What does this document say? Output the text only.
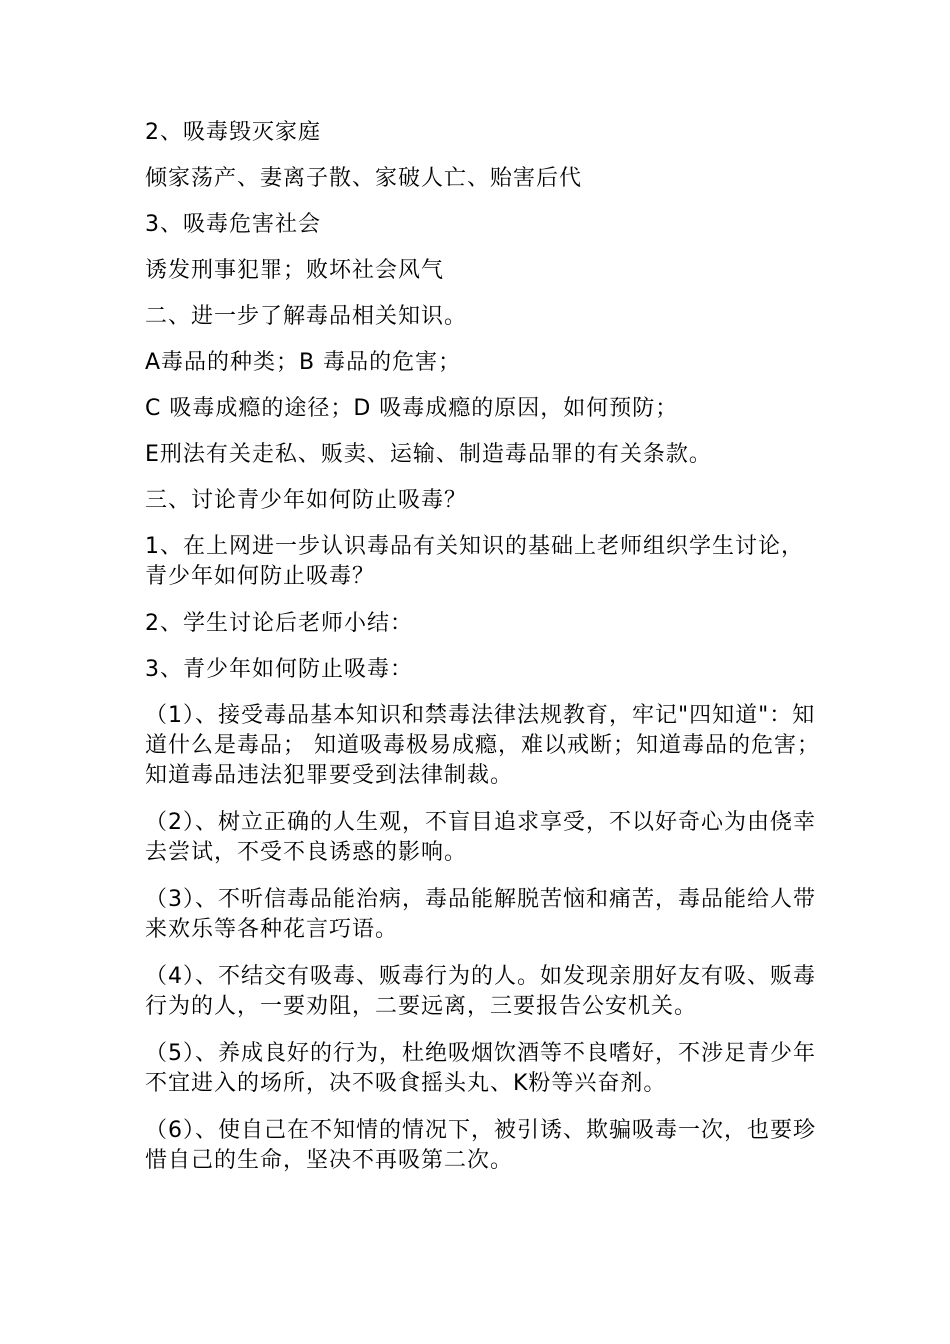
2、吸毒毁灭家庭

倾家荡产、妻离子散、家破人亡、贻害后代

3、吸毒危害社会

诱发刑事犯罪；败坏社会风气

二、进一步了解毒品相关知识。

A毒品的种类；B 毒品的危害；

C 吸毒成瘾的途径；D 吸毒成瘾的原因，如何预防；

E刑法有关走私、贩卖、运输、制造毒品罪的有关条款。

三、讨论青少年如何防止吸毒？

1、在上网进一步认识毒品有关知识的基础上老师组织学生讨论，青少年如何防止吸毒？

2、学生讨论后老师小结：

3、青少年如何防止吸毒：

（1）、接受毒品基本知识和禁毒法律法规教育，牢记"四知道"：知道什么是毒品； 知道吸毒极易成瘾，难以戒断；知道毒品的危害；知道毒品违法犯罪要受到法律制裁。

（2）、树立正确的人生观，不盲目追求享受，不以好奇心为由侥幸去尝试，不受不良诱惑的影响。

（3）、不听信毒品能治病，毒品能解脱苦恼和痛苦，毒品能给人带来欢乐等各种花言巧语。

（4）、不结交有吸毒、贩毒行为的人。如发现亲朋好友有吸、贩毒行为的人，一要劝阻，二要远离，三要报告公安机关。

（5）、养成良好的行为，杜绝吸烟饮酒等不良嗜好，不涉足青少年不宜进入的场所，决不吸食摇头丸、K粉等兴奋剂。

（6）、使自己在不知情的情况下，被引诱、欺骗吸毒一次，也要珍惜自己的生命，坚决不再吸第二次。
